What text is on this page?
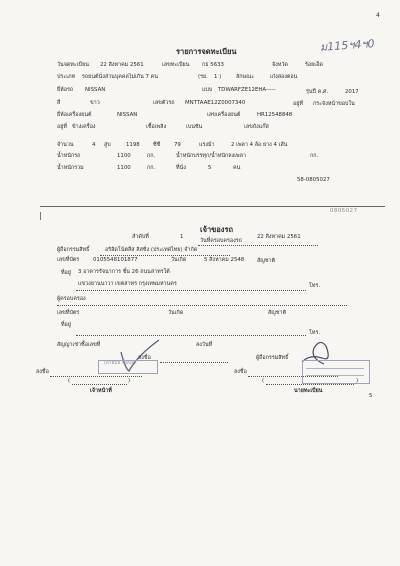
4
ม115ฯ4ฯ0
รายการจดทะเบียน
วันจดทะเบียน 22 สิงหาคม 2561	เลขทะเบียน กธ 5633	จังหวัด	ร้อยเอ็ด
ประเภท รถยนต์นั่งส่วนบุคคลไม่เกิน 7 คน	(รย. 1 )	ลักษณะ	เก๋งสองตอน
ยี่ห้อรถ NISSAN	แบบ TDWARFZE12EHA-----	รุ่นปี ค.ศ.	2017
สี	ขาว	เลขตัวรถ MNTTAAE12Z0007340	อยู่ที่ กระจังหน้าขอบใน
ยี่ห้อเครื่องยนต์	NISSAN	เลขเครื่องยนต์	HR12548848
อยู่ที่ ข้างเครื่อง	เชื้อเพลิง	เบนซิน	เลขถังแก๊ส
จำนวน	4 สูบ	1198 ซีซี	79	แรงม้า	2 เพลา 4 ล้อ ยาง 4 เส้น
น้ำหนักรถ	1100	กก.	น้ำหนักบรรทุก/น้ำหนักลงเพลา	กก.
น้ำหนักรวม	1100	กก.	ที่นั่ง	5	คน
58-0805027
0805027
เจ้าของรถ
ลำดับที่	1
วันที่ครอบครองรถ
22 สิงหาคม 2561
ผู้ถือกรรมสิทธิ์	อริฮิดโน้ตลีส ลิสซิ่ง (ประเทศไทย) จำกัด
เลขที่บัตร	0105548101877	วันเกิด	5 สิงหาคม 2548 สัญชาติ
ที่อยู่ 3 อาคารรัจนาการ ชั้น 26 ถนนสาทรใต้
แขวงยานนาวา เขตสาทร กรุงเทพมหานคร	โทร.
ผู้ครอบครอง
เลขที่บัตร	วันเกิด	สัญชาติ
ที่อยู่
โทร.
สัญญาเช่าซื้อเลขที่	ลงวันที่
ลงชื่อ	ผู้ถือกรรมสิทธิ์
ลงชื่อ	ลงชื่อ
(ลายมือ ชื่อบิล)
(	)	(	)
เจ้าหน้าที่	นายทะเบียน
5
